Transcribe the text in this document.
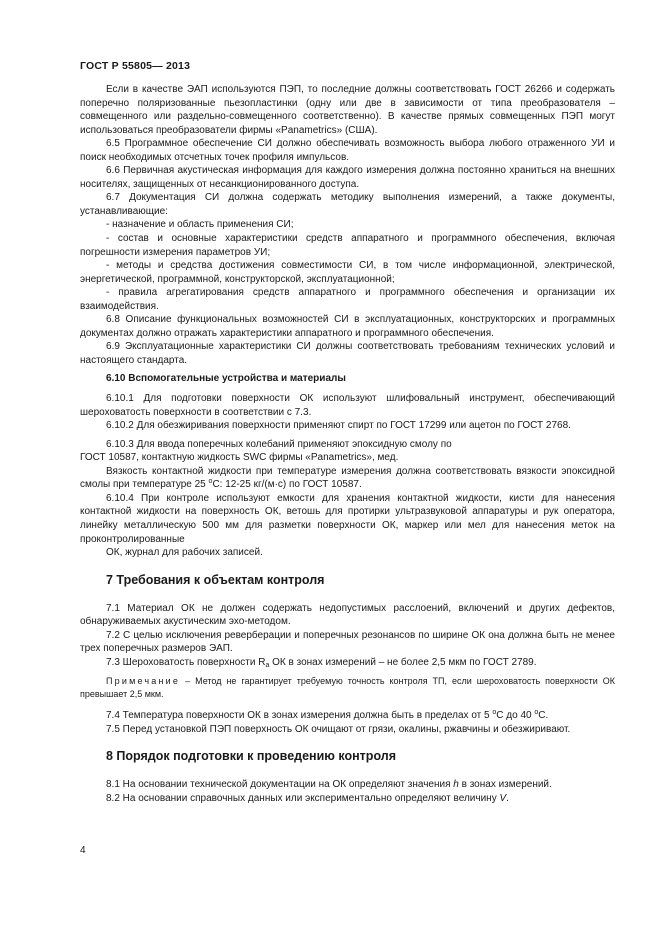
ГОСТ Р 55805— 2013

Если в качестве ЭАП используются ПЭП, то последние должны соответствовать ГОСТ 26266 и содержать поперечно поляризованные пьезопластинки (одну или две в зависимости от типа преобразователя – совмещенного или раздельно-совмещенного соответственно). В качестве прямых совмещенных ПЭП могут использоваться преобразователи фирмы «Panametrics» (США).

6.5 Программное обеспечение СИ должно обеспечивать возможность выбора любого отраженного УИ и поиск необходимых отсчетных точек профиля импульсов.

6.6 Первичная акустическая информация для каждого измерения должна постоянно храниться на внешних носителях, защищенных от несанкционированного доступа.

6.7 Документация СИ должна содержать методику выполнения измерений, а также документы, устанавливающие:

- назначение и область применения СИ;

- состав и основные характеристики средств аппаратного и программного обеспечения, включая погрешности измерения параметров УИ;

- методы и средства достижения совместимости СИ, в том числе информационной, электрической, энергетической, программной, конструкторской, эксплуатационной;

- правила агрегатирования средств аппаратного и программного обеспечения и организации их взаимодействия.

6.8 Описание функциональных возможностей СИ в эксплуатационных, конструкторских и программных документах должно отражать характеристики аппаратного и программного обеспечения.

6.9 Эксплуатационные характеристики СИ должны соответствовать требованиям технических условий и настоящего стандарта.

6.10 Вспомогательные устройства и материалы

6.10.1 Для подготовки поверхности ОК используют шлифовальный инструмент, обеспечивающий шероховатость поверхности в соответствии с 7.3.

6.10.2 Для обезжиривания поверхности применяют спирт по ГОСТ 17299 или ацетон по ГОСТ 2768.

6.10.3 Для ввода поперечных колебаний применяют эпоксидную смолу по

ГОСТ 10587, контактную жидкость SWC фирмы «Panametrics», мед.

Вязкость контактной жидкости при температуре измерения должна соответствовать вязкости эпоксидной смолы при температуре 25 $^o$С: 12-25 кг/(м·с) по ГОСТ 10587.

6.10.4 При контроле используют емкости для хранения контактной жидкости, кисти для нанесения контактной жидкости на поверхность ОК, ветошь для протирки ультразвуковой аппаратуры и рук оператора, линейку металлическую 500 мм для разметки поверхности ОК, маркер или мел для нанесения меток на проконтролированные

ОК, журнал для рабочих записей.

7 Требования к объектам контроля

7.1 Материал ОК не должен содержать недопустимых расслоений, включений и других дефектов, обнаруживаемых акустическим эхо-методом.

7.2 С целью исключения реверберации и поперечных резонансов по ширине ОК она должна быть не менее трех поперечных размеров ЭАП.

7.3 Шероховатость поверхности $R_a$ ОК в зонах измерений – не более 2,5 мкм по ГОСТ 2789.

Примечание – Метод не гарантирует требуемую точность контроля ТП, если шероховатость поверхности ОК превышает 2,5 мкм.

7.4 Температура поверхности ОК в зонах измерения должна быть в пределах от 5 $^o$С до 40 $^o$С.

7.5 Перед установкой ПЭП поверхность ОК очищают от грязи, окалины, ржавчины и обезжиривают.

8 Порядок подготовки к проведению контроля

8.1 На основании технической документации на ОК определяют значения h в зонах измерений.

8.2 На основании справочных данных или экспериментально определяют величину V.

4
